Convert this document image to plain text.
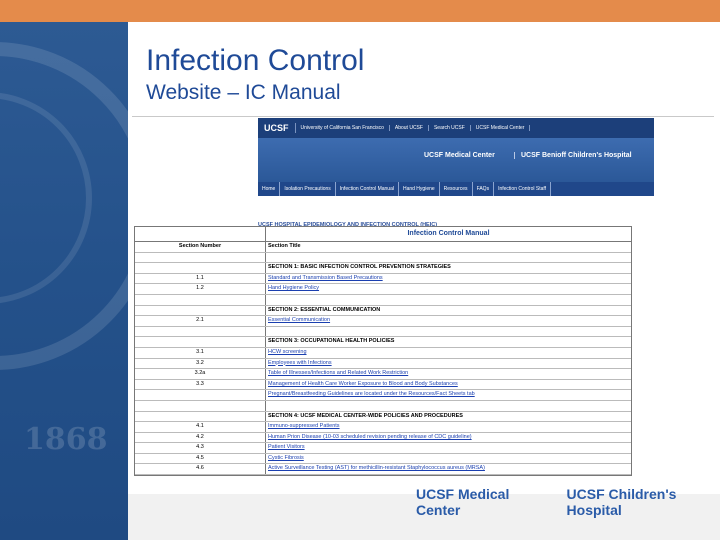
1868
Infection Control
Website – IC Manual
UCSF	University of California San Francisco	About UCSF	Search UCSF	UCSF Medical Center
UCSF Medical Center	UCSF Benioff Children's Hospital
Home	Isolation Precautions	Infection Control Manual	Hand Hygiene	Resources	FAQs	Infection Control Staff
UCSF HOSPITAL EPIDEMIOLOGY AND INFECTION CONTROL (HEIC)
Infection Control Manual
Section Number	Section Title
SECTION 1: BASIC INFECTION CONTROL PREVENTION STRATEGIES
1.1	Standard and Transmission Based Precautions
1.2	Hand Hygiene Policy
SECTION 2: ESSENTIAL COMMUNICATION
2.1	Essential Communication
SECTION 3: OCCUPATIONAL HEALTH POLICIES
3.1	HCW screening
3.2	Employees with Infections
3.2a	Table of Illnesses/Infections and Related Work Restriction
3.3	Management of Health Care Worker Exposure to Blood and Body Substances
Pregnant/Breastfeeding Guidelines are located under the Resources/Fact Sheets tab
SECTION 4: UCSF MEDICAL CENTER-WIDE POLICIES AND PROCEDURES
4.1	Immuno-suppressed Patients
4.2	Human Prion Disease (10-03 scheduled revision pending release of CDC guideline)
4.3	Patient Visitors
4.5	Cystic Fibrosis
4.6	Active Surveillance Testing (AST) for methicillin-resistant Staphylococcus aureus (MRSA)
UCSF Medical Center
UCSF Children's Hospital
